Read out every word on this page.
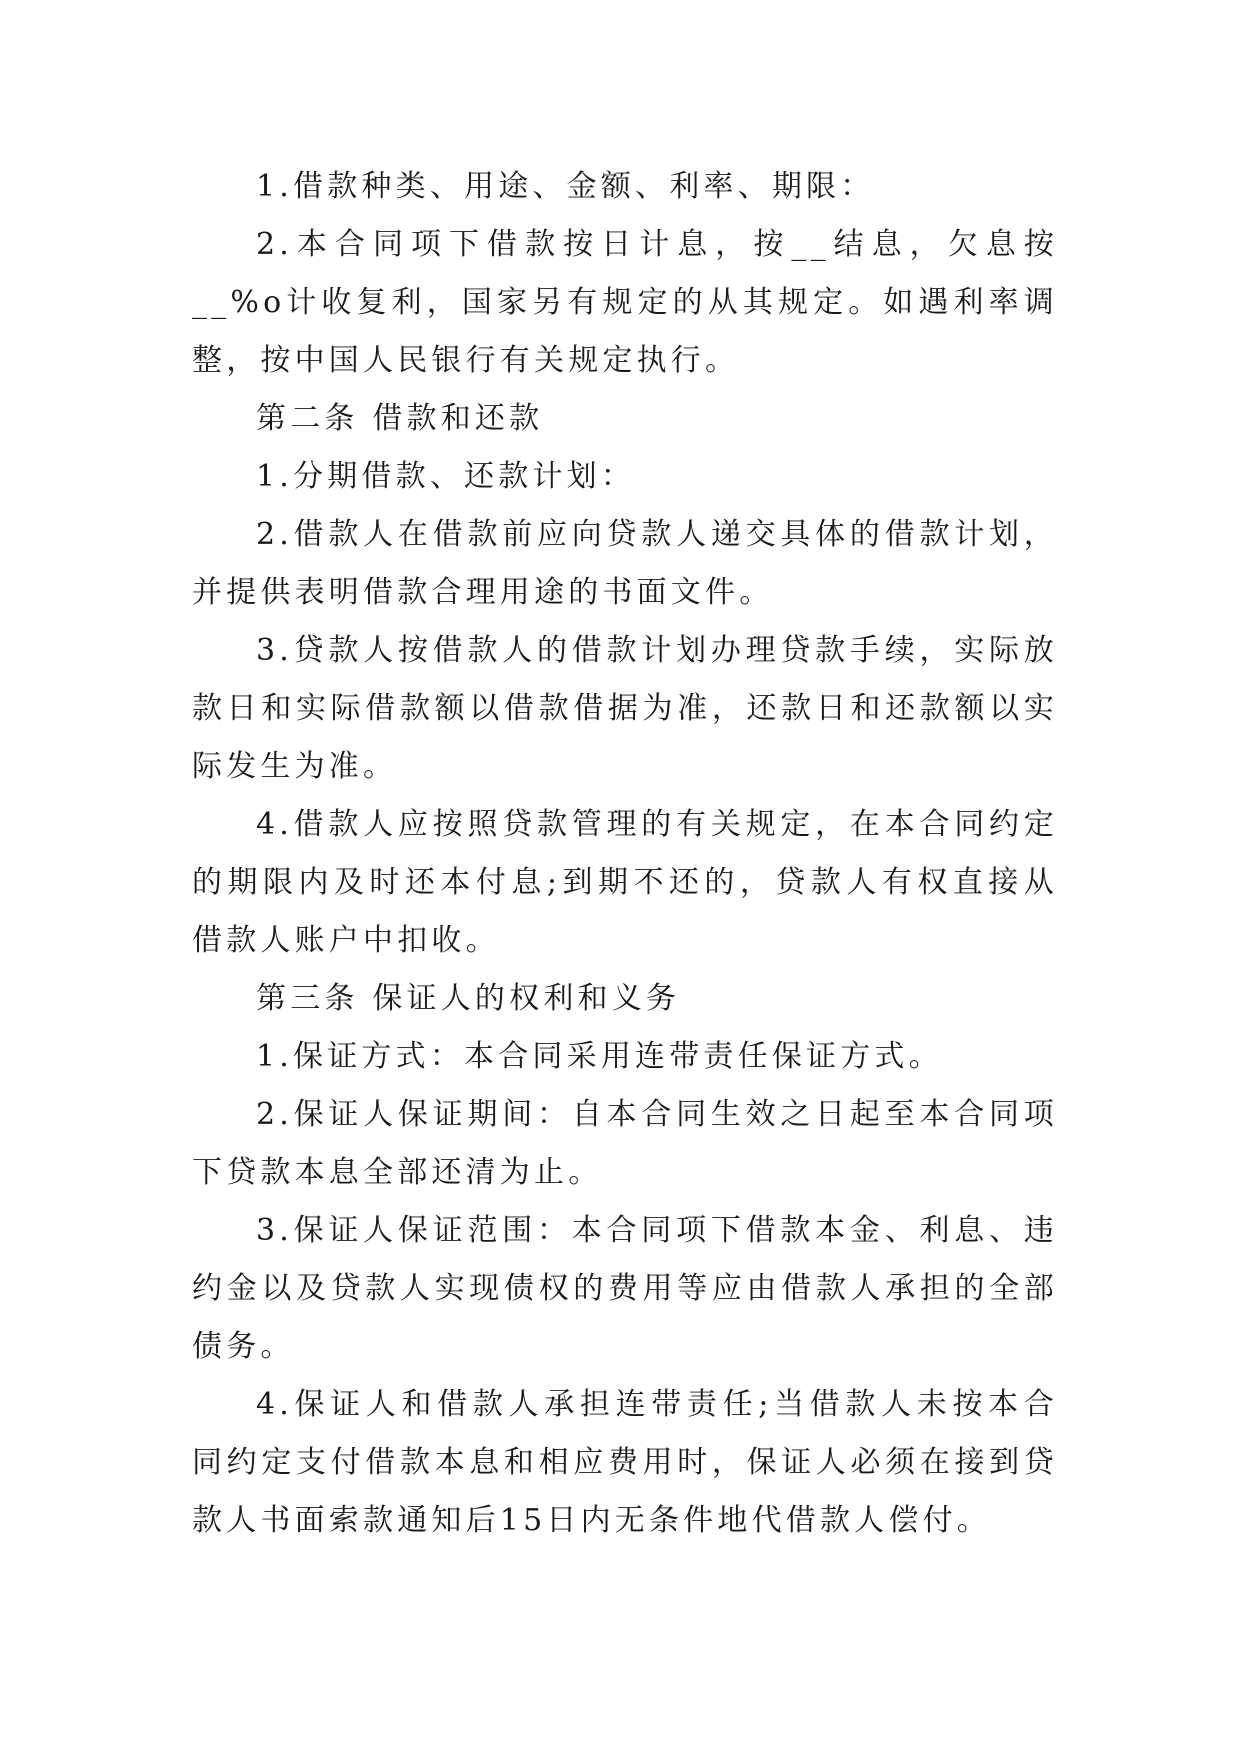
1.借款种类、用途、金额、利率、期限：

2.本合同项下借款按日计息，按__结息，欠息按__%o计收复利，国家另有规定的从其规定。如遇利率调整，按中国人民银行有关规定执行。

第二条 借款和还款

1.分期借款、还款计划：

2.借款人在借款前应向贷款人递交具体的借款计划，并提供表明借款合理用途的书面文件。

3.贷款人按借款人的借款计划办理贷款手续，实际放款日和实际借款额以借款借据为准，还款日和还款额以实际发生为准。

4.借款人应按照贷款管理的有关规定，在本合同约定的期限内及时还本付息;到期不还的，贷款人有权直接从借款人账户中扣收。

第三条 保证人的权利和义务

1.保证方式：本合同采用连带责任保证方式。

2.保证人保证期间：自本合同生效之日起至本合同项下贷款本息全部还清为止。

3.保证人保证范围：本合同项下借款本金、利息、违约金以及贷款人实现债权的费用等应由借款人承担的全部债务。

4.保证人和借款人承担连带责任;当借款人未按本合同约定支付借款本息和相应费用时，保证人必须在接到贷款人书面索款通知后15日内无条件地代借款人偿付。
